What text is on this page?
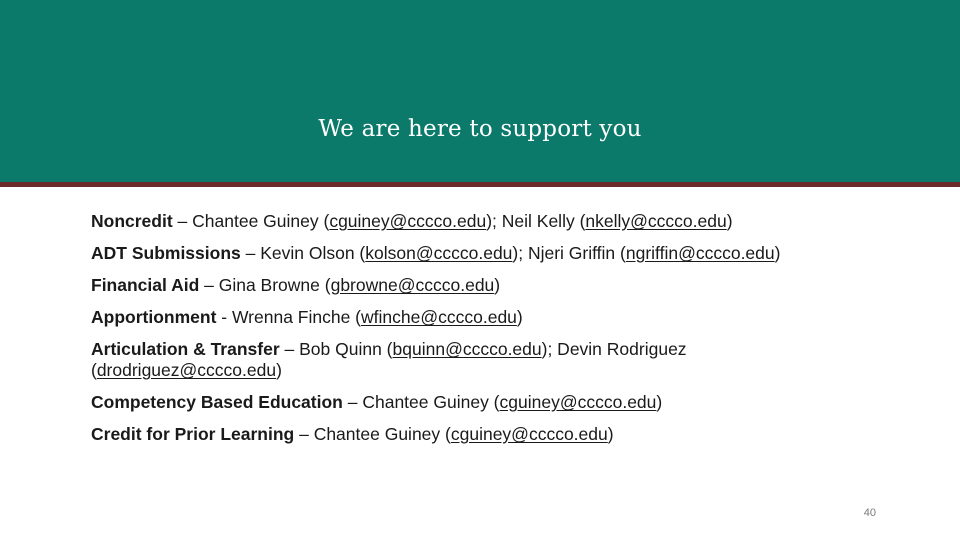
We are here to support you
Noncredit – Chantee Guiney (cguiney@cccco.edu); Neil Kelly (nkelly@cccco.edu)
ADT Submissions – Kevin Olson (kolson@cccco.edu); Njeri Griffin (ngriffin@cccco.edu)
Financial Aid – Gina Browne (gbrowne@cccco.edu)
Apportionment - Wrenna Finche (wfinche@cccco.edu)
Articulation & Transfer – Bob Quinn (bquinn@cccco.edu); Devin Rodriguez (drodriguez@cccco.edu)
Competency Based Education – Chantee Guiney (cguiney@cccco.edu)
Credit for Prior Learning – Chantee Guiney (cguiney@cccco.edu)
40
